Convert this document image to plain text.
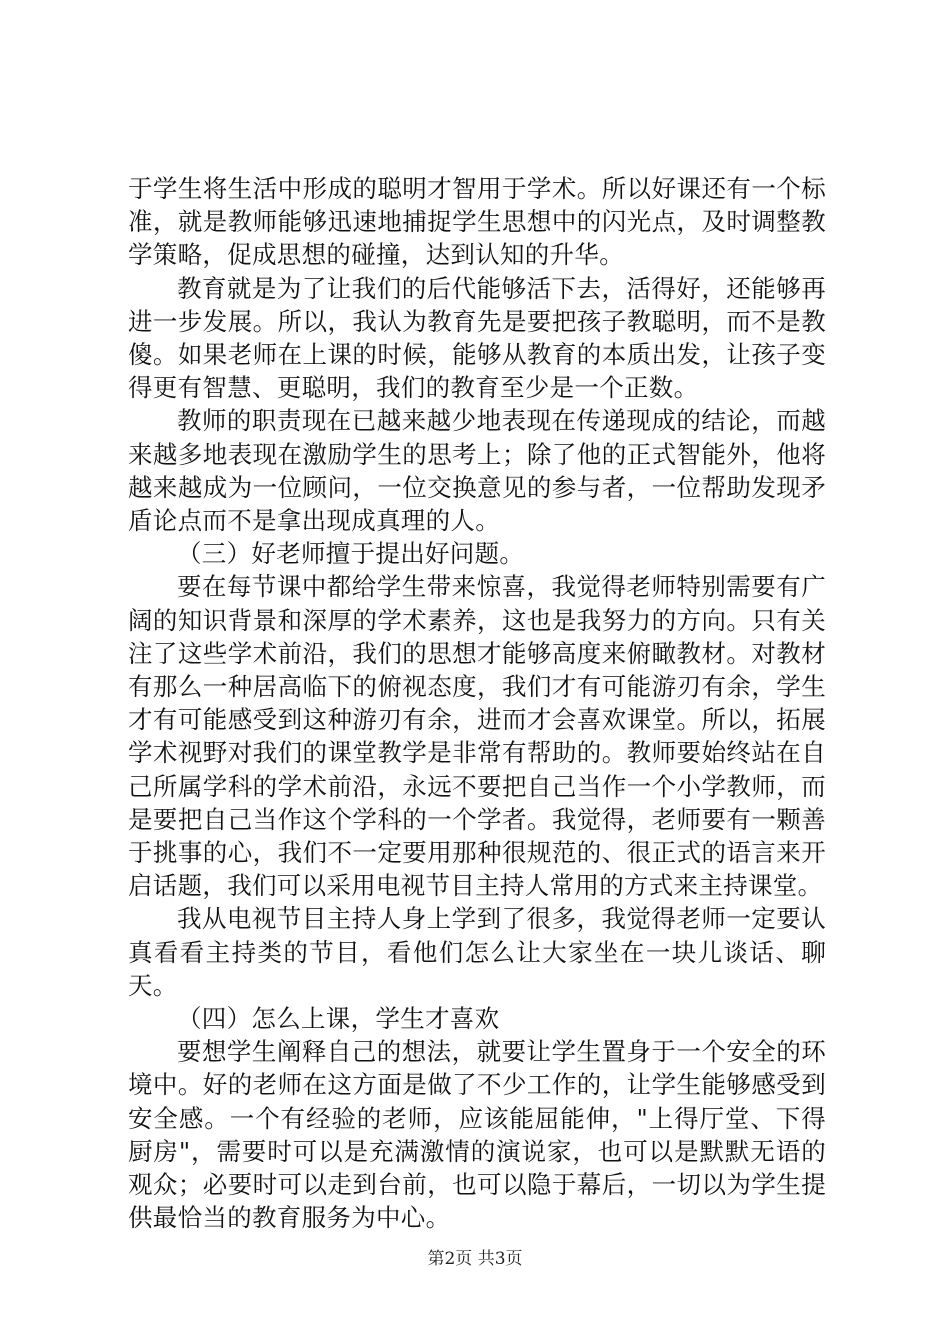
于学生将生活中形成的聪明才智用于学术。所以好课还有一个标准，就是教师能够迅速地捕捉学生思想中的闪光点，及时调整教学策略，促成思想的碰撞，达到认知的升华。

教育就是为了让我们的后代能够活下去，活得好，还能够再进一步发展。所以，我认为教育先是要把孩子教聪明，而不是教傻。如果老师在上课的时候，能够从教育的本质出发，让孩子变得更有智慧、更聪明，我们的教育至少是一个正数。

教师的职责现在已越来越少地表现在传递现成的结论，而越来越多地表现在激励学生的思考上；除了他的正式智能外，他将越来越成为一位顾问，一位交换意见的参与者，一位帮助发现矛盾论点而不是拿出现成真理的人。

（三）好老师擅于提出好问题。

要在每节课中都给学生带来惊喜，我觉得老师特别需要有广阔的知识背景和深厚的学术素养，这也是我努力的方向。只有关注了这些学术前沿，我们的思想才能够高度来俯瞰教材。对教材有那么一种居高临下的俯视态度，我们才有可能游刃有余，学生才有可能感受到这种游刃有余，进而才会喜欢课堂。所以，拓展学术视野对我们的课堂教学是非常有帮助的。教师要始终站在自己所属学科的学术前沿，永远不要把自己当作一个小学教师，而是要把自己当作这个学科的一个学者。我觉得，老师要有一颗善于挑事的心，我们不一定要用那种很规范的、很正式的语言来开启话题，我们可以采用电视节目主持人常用的方式来主持课堂。

我从电视节目主持人身上学到了很多，我觉得老师一定要认真看看主持类的节目，看他们怎么让大家坐在一块儿谈话、聊天。

（四）怎么上课，学生才喜欢

要想学生阐释自己的想法，就要让学生置身于一个安全的环境中。好的老师在这方面是做了不少工作的，让学生能够感受到安全感。一个有经验的老师，应该能屈能伸，"上得厅堂、下得厨房"，需要时可以是充满激情的演说家，也可以是默默无语的观众；必要时可以走到台前，也可以隐于幕后，一切以为学生提供最恰当的教育服务为中心。

第2页 共3页
